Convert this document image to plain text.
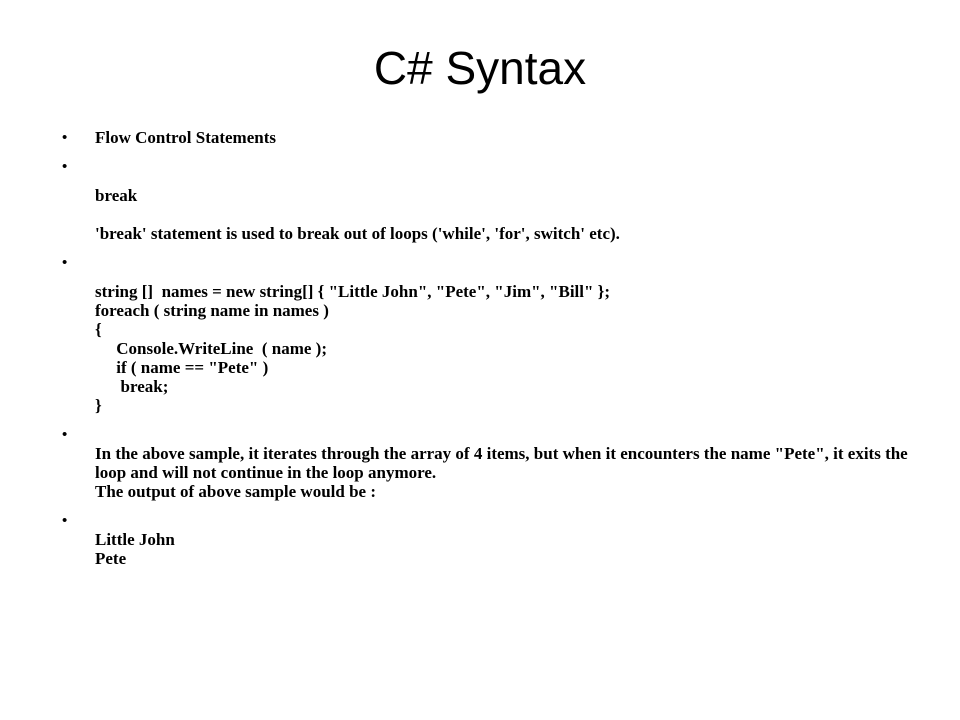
C# Syntax
• Flow Control Statements
•
break
'break' statement is used to break out of loops ('while', 'for', switch' etc).
•
string []  names = new string[] { "Little John", "Pete", "Jim", "Bill" };
foreach ( string name in names )
{
Console.WriteLine  ( name );
if ( name == "Pete" )
break;
}
•
In the above sample, it iterates through the array of 4 items, but when it encounters the name "Pete", it exits the loop and will not continue in the loop anymore.
The output of above sample would be :
•
Little John
Pete
